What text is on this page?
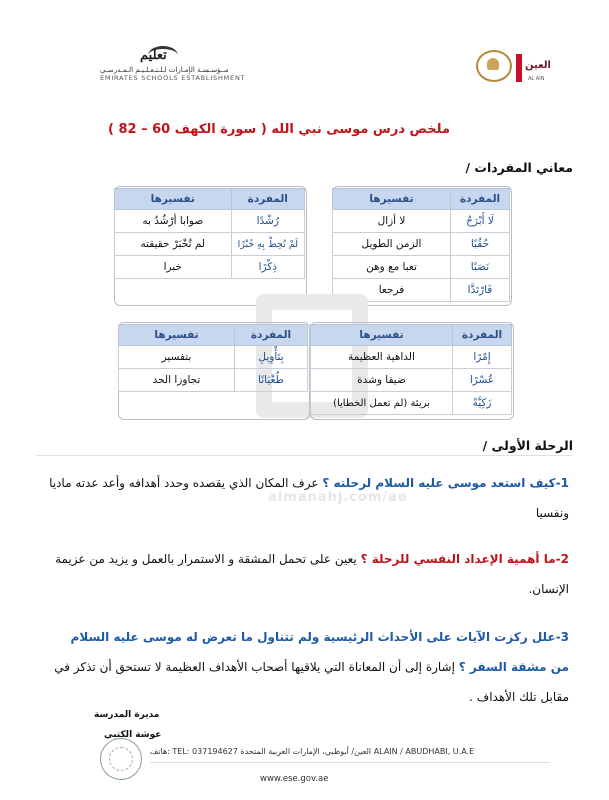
تعليم
مــؤسـسـة الإمـارات لـلـتـعـلـيـم الـمـدرسـي
EMIRATES SCHOOLS ESTABLISHMENT
العين
AL AIN
ملخص درس موسى نبي الله ( سورة الكهف 60 – 82 )
معاني المفردات /
المفردة	تفسيرها
لَا أَبْرَحُ	لا أزال
حُقُبًا	الزمن الطويل
نَصَبًا	تعبا مع وهن
فَارْتَدَّا	فرجعا
المفردة	تفسيرها
رُشْدًا	صوابا أرْشُدُ به
لَمْ تُحِطْ بِهِ خُبْرًا	لم تُخْبَرْ حقيقته
ذِكْرًا	خبرا
almanahj.com/ae
المفردة	تفسيرها
إِمْرًا	الداهية العظيمة
عُسْرًا	ضيقا وشدة
زَكِيَّةً	بريئة (لم تعمل الخطايا)
المفردة	تفسيرها
بِتَأْوِيلِ	بتفسير
طُغْيَانًا	تجاوزا الحد
الرحلة الأولى /
1-كيف استعد موسى عليه السلام لرحلته ؟ عرف المكان الذي يقصده وحدد أهدافه وأعد عدته ماديا ونفسيا
2-ما أهمية الإعداد النفسي للرحلة ؟ يعين على تحمل المشقة و الاستمرار بالعمل و يزيد من عزيمة الإنسان.
3-علل ركزت الآيات على الأحداث الرئيسية ولم تتناول ما تعرض له موسى عليه السلام من مشقة السفر ؟ إشارة إلى أن المعاناة التي يلاقيها أصحاب الأهداف العظيمة لا تستحق أن تذكر في مقابل تلك الأهداف .
مديرة المدرسة
عوشة الكتبي
هاتف: TEL: 037194627 العين/ أبوظبي، الإمارات العربية المتحدة ALAIN / ABUDHABI, U.A.E
www.ese.gov.ae
